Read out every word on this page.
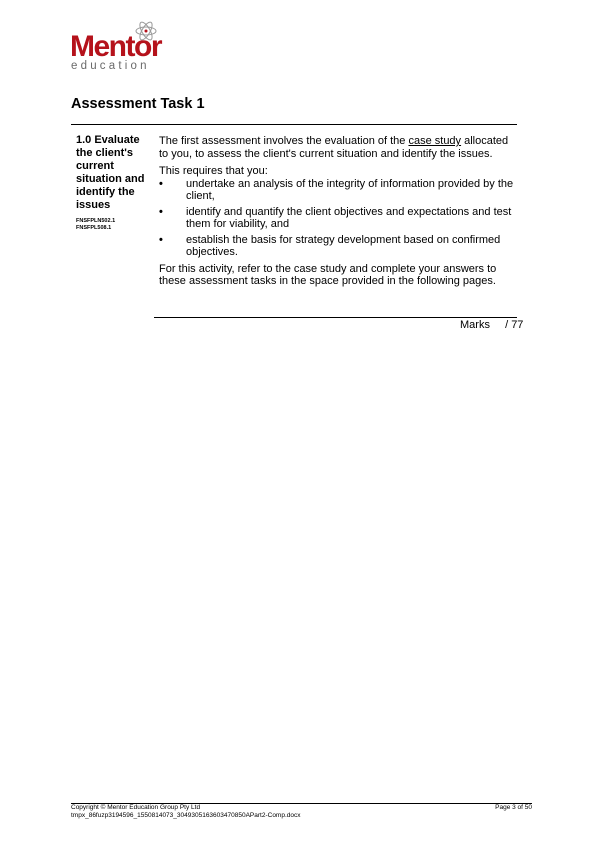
Mentor
education
Assessment Task 1

1.0 Evaluate the client's current situation and identify the issues

FNSFPLN502.1
FNSFPL508.1

The first assessment involves the evaluation of the case study allocated to you, to assess the client's current situation and identify the issues.

This requires that you:

• undertake an analysis of the integrity of information provided by the client,
• identify and quantify the client objectives and expectations and test them for viability, and
• establish the basis for strategy development based on confirmed objectives.

For this activity, refer to the case study and complete your answers to these assessment tasks in the space provided in the following pages.

Marks / 77
Copyright © Mentor Education Group Pty Ltd
tmpx_86fuzp3194596_1550814073_3049305163603470850APart2-Comp.docx
Page 3 of 50
